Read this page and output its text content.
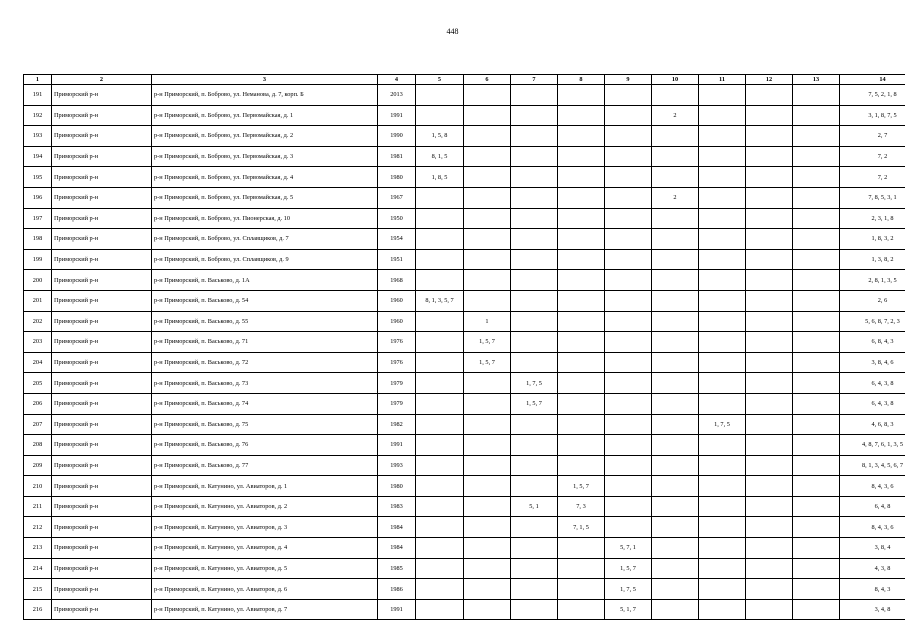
448
1	2	3	4	5	6	7	8	9	10	11	12	13	14
191	Приморский р-н	р-н Приморский, п. Боброво, ул. Неманова, д. 7, корп. Б	2013										7, 5, 2, 1, 8
192	Приморский р-н	р-н Приморский, п. Боброво, ул. Первомайская, д. 1	1991						2				3, 1, 8, 7, 5
193	Приморский р-н	р-н Приморский, п. Боброво, ул. Первомайская, д. 2	1990	1, 5, 8									2, 7
194	Приморский р-н	р-н Приморский, п. Боброво, ул. Первомайская, д. 3	1981	8, 1, 5									7, 2
195	Приморский р-н	р-н Приморский, п. Боброво, ул. Первомайская, д. 4	1980	1, 8, 5									7, 2
196	Приморский р-н	р-н Приморский, п. Боброво, ул. Первомайская, д. 5	1967						2				7, 8, 5, 3, 1
197	Приморский р-н	р-н Приморский, п. Боброво, ул. Пионерская, д. 10	1950										2, 3, 1, 8
198	Приморский р-н	р-н Приморский, п. Боброво, ул. Сплавщиков, д. 7	1954										1, 8, 3, 2
199	Приморский р-н	р-н Приморский, п. Боброво, ул. Сплавщиков, д. 9	1951										1, 3, 8, 2
200	Приморский р-н	р-н Приморский, п. Васьково, д. 1А	1968										2, 8, 1, 3, 5
201	Приморский р-н	р-н Приморский, п. Васьково, д. 54	1960	8, 1, 3, 5, 7									2, 6
202	Приморский р-н	р-н Приморский, п. Васьково, д. 55	1960		1								5, 6, 8, 7, 2, 3
203	Приморский р-н	р-н Приморский, п. Васьково, д. 71	1976		1, 5, 7								6, 8, 4, 3
204	Приморский р-н	р-н Приморский, п. Васьково, д. 72	1976		1, 5, 7								3, 8, 4, 6
205	Приморский р-н	р-н Приморский, п. Васьково, д. 73	1979			1, 7, 5							6, 4, 3, 8
206	Приморский р-н	р-н Приморский, п. Васьково, д. 74	1979			1, 5, 7							6, 4, 3, 8
207	Приморский р-н	р-н Приморский, п. Васьково, д. 75	1982							1, 7, 5			4, 6, 8, 3
208	Приморский р-н	р-н Приморский, п. Васьково, д. 76	1991										4, 8, 7, 6, 1, 3, 5
209	Приморский р-н	р-н Приморский, п. Васьково, д. 77	1993										8, 1, 3, 4, 5, 6, 7
210	Приморский р-н	р-н Приморский, п. Катунино, ул. Авиаторов, д. 1	1980				1, 5, 7						8, 4, 3, 6
211	Приморский р-н	р-н Приморский, п. Катунино, ул. Авиаторов, д. 2	1983			5, 1	7, 3						6, 4, 8
212	Приморский р-н	р-н Приморский, п. Катунино, ул. Авиаторов, д. 3	1984				7, 1, 5						8, 4, 3, 6
213	Приморский р-н	р-н Приморский, п. Катунино, ул. Авиаторов, д. 4	1984					5, 7, 1					3, 8, 4
214	Приморский р-н	р-н Приморский, п. Катунино, ул. Авиаторов, д. 5	1985					1, 5, 7					4, 3, 8
215	Приморский р-н	р-н Приморский, п. Катунино, ул. Авиаторов, д. 6	1986					1, 7, 5					8, 4, 3
216	Приморский р-н	р-н Приморский, п. Катунино, ул. Авиаторов, д. 7	1991					5, 1, 7					3, 4, 8
